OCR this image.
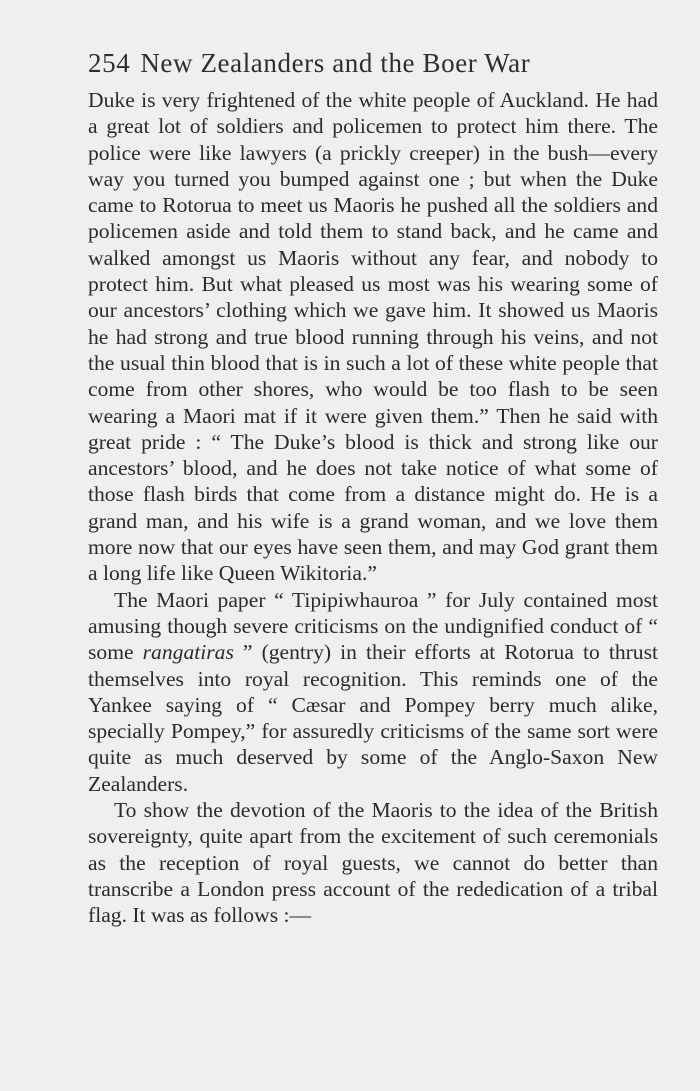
254 New Zealanders and the Boer War

Duke is very frightened of the white people of Auckland. He had a great lot of soldiers and policemen to protect him there. The police were like lawyers (a prickly creeper) in the bush—every way you turned you bumped against one ; but when the Duke came to Rotorua to meet us Maoris he pushed all the soldiers and policemen aside and told them to stand back, and he came and walked amongst us Maoris without any fear, and nobody to protect him. But what pleased us most was his wearing some of our ancestors’ clothing which we gave him. It showed us Maoris he had strong and true blood running through his veins, and not the usual thin blood that is in such a lot of these white people that come from other shores, who would be too flash to be seen wearing a Maori mat if it were given them.” Then he said with great pride : “ The Duke’s blood is thick and strong like our ancestors’ blood, and he does not take notice of what some of those flash birds that come from a distance might do. He is a grand man, and his wife is a grand woman, and we love them more now that our eyes have seen them, and may God grant them a long life like Queen Wikitoria.”

The Maori paper “ Tipipiwhauroa ” for July contained most amusing though severe criticisms on the undignified conduct of “ some rangatiras ” (gentry) in their efforts at Rotorua to thrust themselves into royal recognition. This reminds one of the Yankee saying of “ Cæsar and Pompey berry much alike, specially Pompey,” for assuredly criticisms of the same sort were quite as much deserved by some of the Anglo-Saxon New Zealanders.

To show the devotion of the Maoris to the idea of the British sovereignty, quite apart from the excitement of such ceremonials as the reception of royal guests, we cannot do better than transcribe a London press account of the rededication of a tribal flag. It was as follows :—
